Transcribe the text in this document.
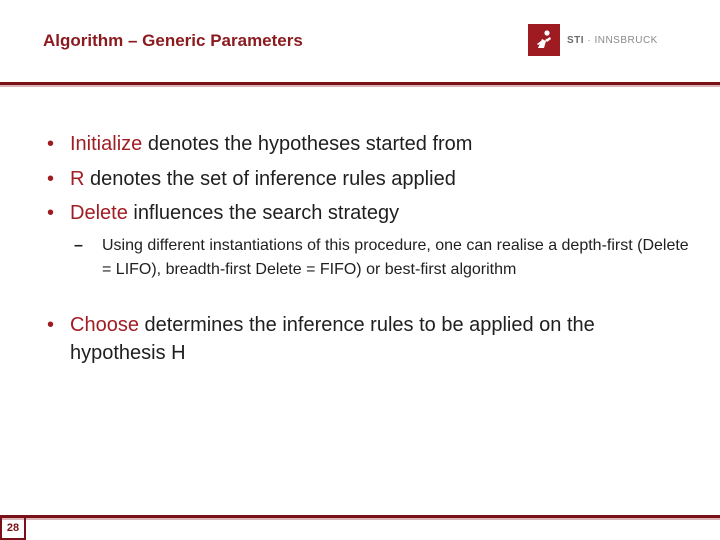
Algorithm – Generic Parameters	STI · INNSBRUCK
• Initialize denotes the hypotheses started from
• R denotes the set of inference rules applied
• Delete influences the search strategy
–	Using different instantiations of this procedure, one can realise a depth-first (Delete = LIFO), breadth-first Delete = FIFO) or best-first algorithm
• Choose determines the inference rules to be applied on the hypothesis H
28
